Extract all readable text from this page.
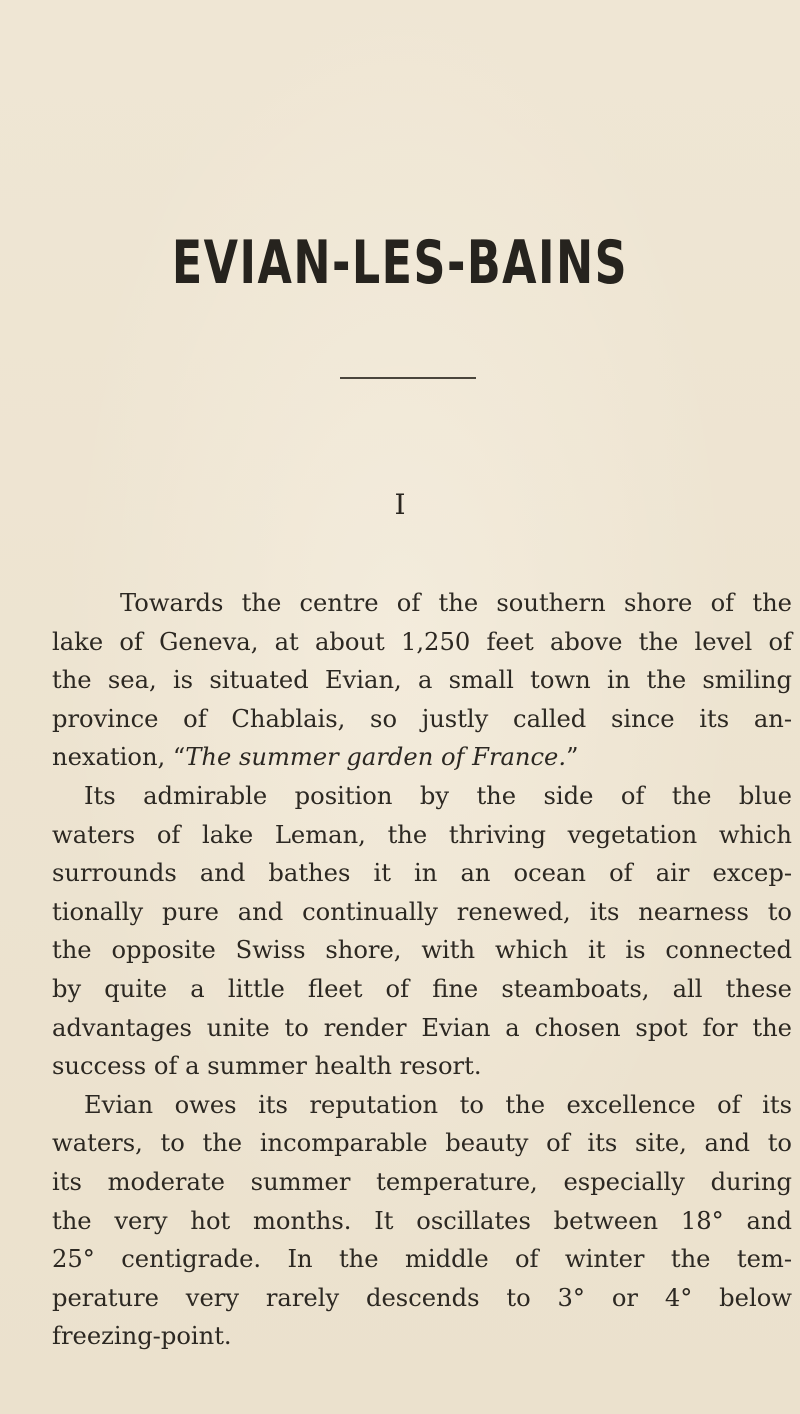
EVIAN-LES-BAINS
I
Towards the centre of the southern shore of the
lake of Geneva, at about 1,250 feet above the level of
the sea, is situated Evian, a small town in the smiling
province of Chablais, so justly called since its an-
nexation, “The summer garden of France.”
Its admirable position by the side of the blue
waters of lake Leman, the thriving vegetation which
surrounds and bathes it in an ocean of air excep-
tionally pure and continually renewed, its nearness to
the opposite Swiss shore, with which it is connected
by quite a little fleet of fine steamboats, all these
advantages unite to render Evian a chosen spot for the
success of a summer health resort.
Evian owes its reputation to the excellence of its
waters, to the incomparable beauty of its site, and to
its moderate summer temperature, especially during
the very hot months. It oscillates between 18° and
25° centigrade. In the middle of winter the tem-
perature very rarely descends to 3° or 4° below
freezing-point.
